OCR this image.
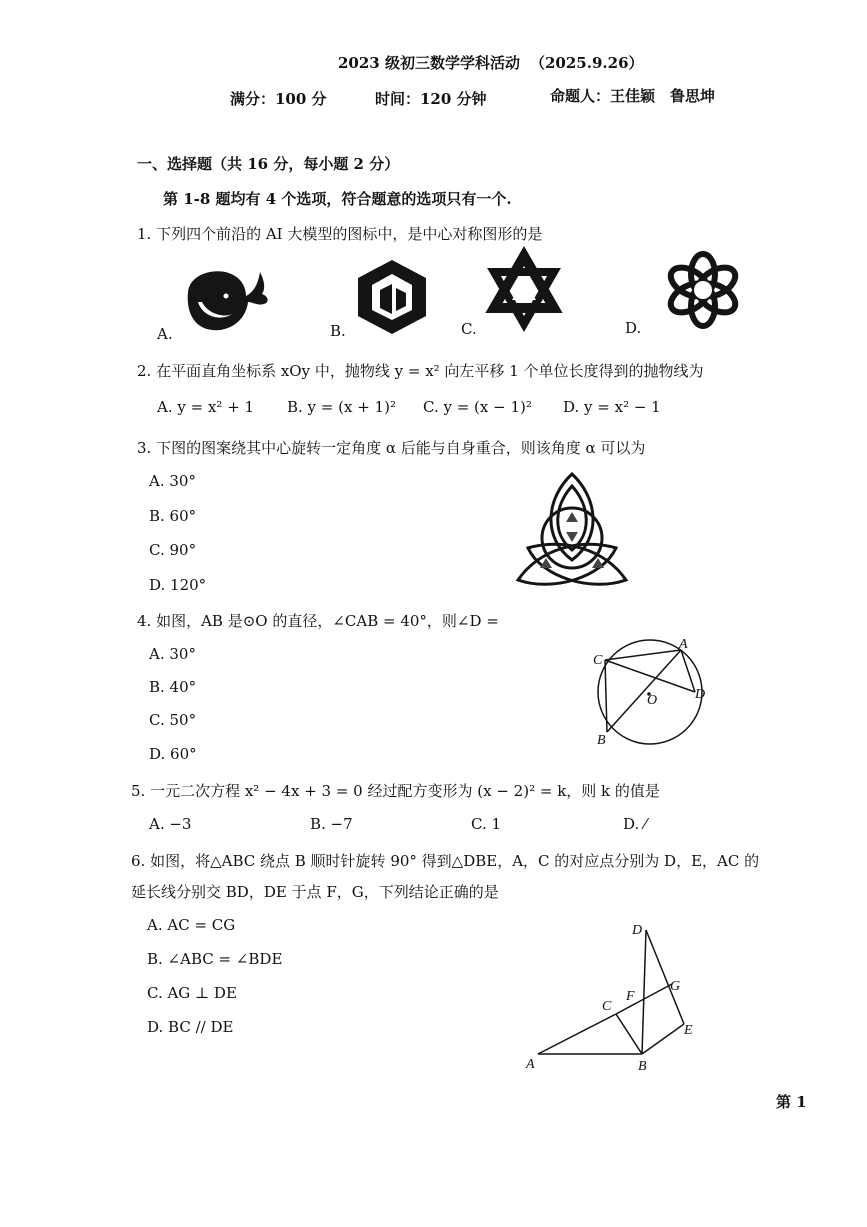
2023 级初三数学学科活动 （2025.9.26）
满分：100 分	时间：120 分钟	命题人：王佳颖　鲁思坤
一、选择题（共 16 分，每小题 2 分）
第 1-8 题均有 4 个选项，符合题意的选项只有一个.
1. 下列四个前沿的 AI 大模型的图标中，是中心对称图形的是
A.	B.	C.	D.
2. 在平面直角坐标系 xOy 中，抛物线 y = x² 向左平移 1 个单位长度得到的抛物线为
A. y = x² + 1 B. y = (x + 1)² C. y = (x − 1)² D. y = x² − 1
3. 下图的图案绕其中心旋转一定角度 α 后能与自身重合，则该角度 α 可以为
A. 30°
B. 60°
C. 90°
D. 120°
4. 如图，AB 是⊙O 的直径，∠CAB = 40°，则∠D =
A. 30°
B. 40°
C. 50°
D. 60°
C
A
D
B
O
5. 一元二次方程 x² − 4x + 3 = 0 经过配方变形为 (x − 2)² = k，则 k 的值是
A. −3	B. −7	C. 1	D. ⁄
6. 如图，将△ABC 绕点 B 顺时针旋转 90° 得到△DBE，A，C 的对应点分别为 D，E，AC 的
延长线分别交 BD，DE 于点 F，G，下列结论正确的是
A. AC = CG
B. ∠ABC = ∠BDE
C. AG ⊥ DE
D. BC // DE
D
G
C
F
E
A	B
第 1
